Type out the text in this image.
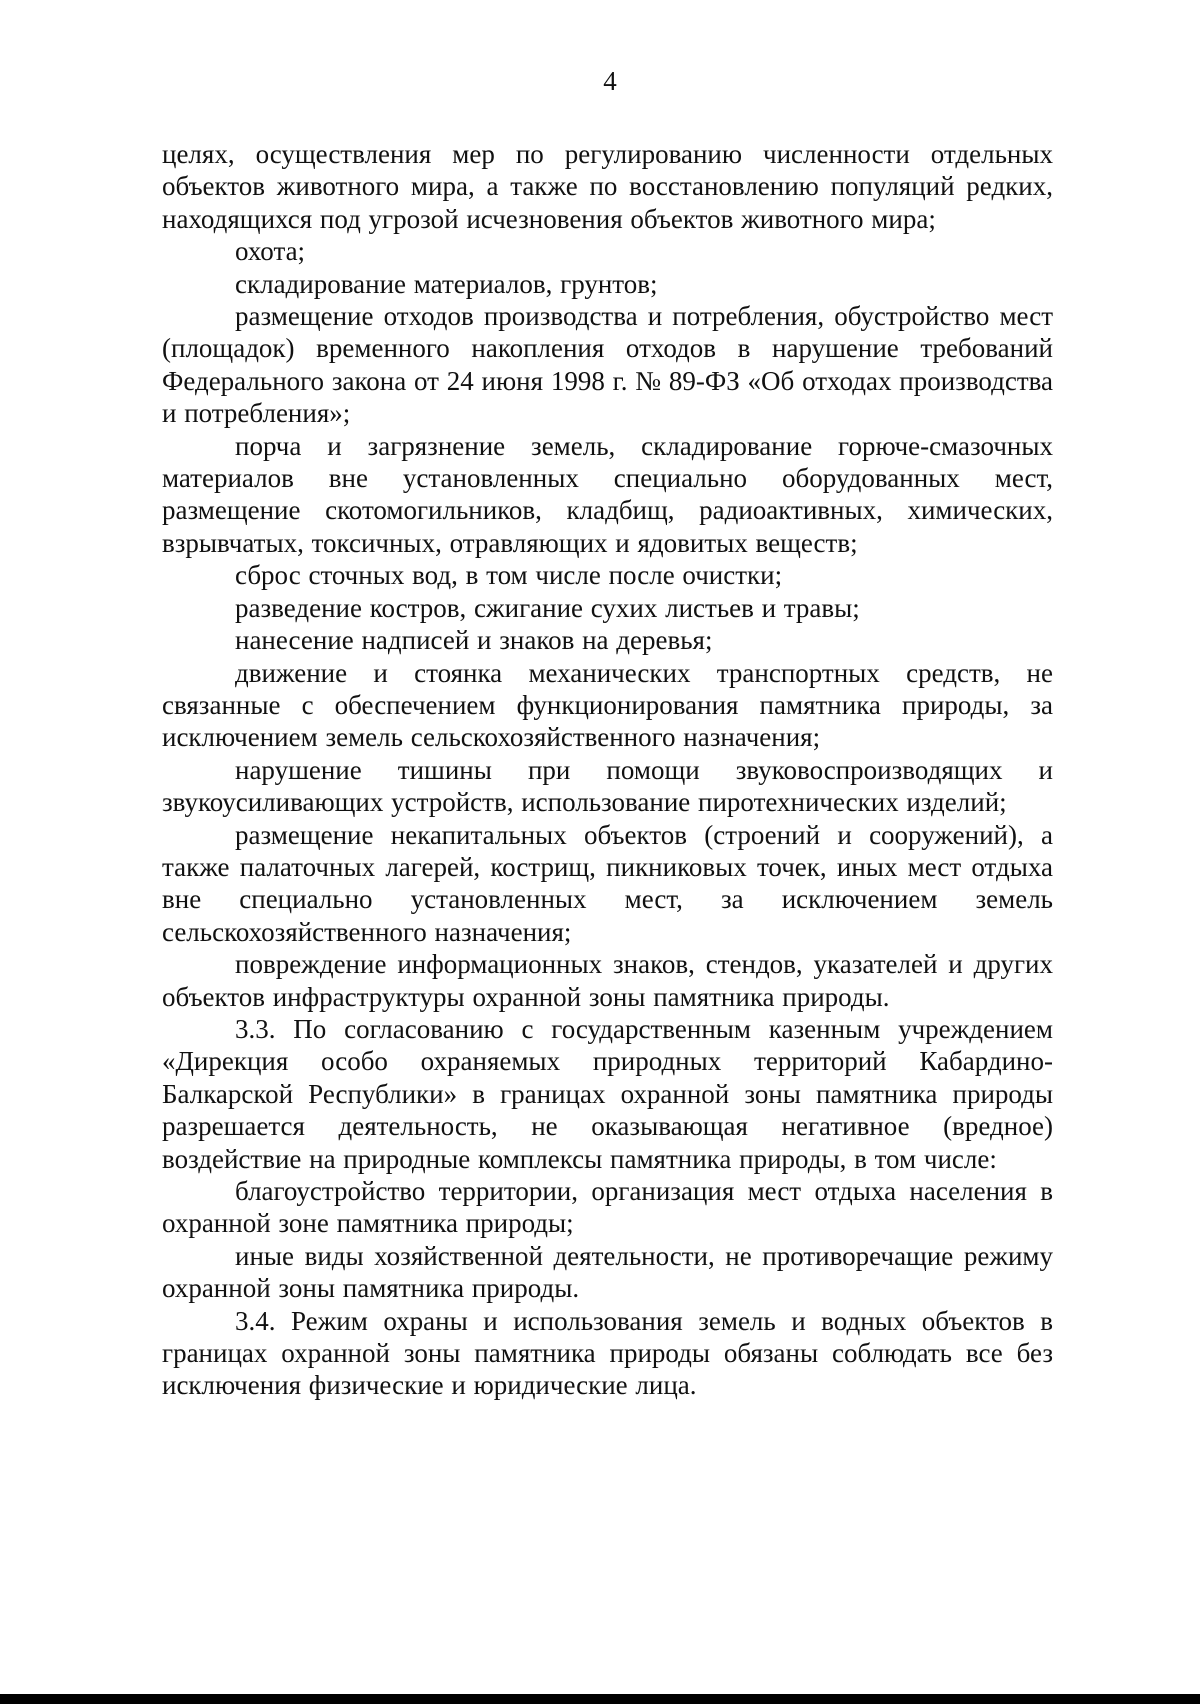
4

целях, осуществления мер по регулированию численности отдельных объектов животного мира, а также по восстановлению популяций редких, находящихся под угрозой исчезновения объектов животного мира;

охота;

складирование материалов, грунтов;

размещение отходов производства и потребления, обустройство мест (площадок) временного накопления отходов в нарушение требований Федерального закона от 24 июня 1998 г. № 89-ФЗ «Об отходах производства и потребления»;

порча и загрязнение земель, складирование горюче-смазочных материалов вне установленных специально оборудованных мест, размещение скотомогильников, кладбищ, радиоактивных, химических, взрывчатых, токсичных, отравляющих и ядовитых веществ;

сброс сточных вод, в том числе после очистки;

разведение костров, сжигание сухих листьев и травы;

нанесение надписей и знаков на деревья;

движение и стоянка механических транспортных средств, не связанные с обеспечением функционирования памятника природы, за исключением земель сельскохозяйственного назначения;

нарушение тишины при помощи звуковоспроизводящих и звукоусиливающих устройств, использование пиротехнических изделий;

размещение некапитальных объектов (строений и сооружений), а также палаточных лагерей, кострищ, пикниковых точек, иных мест отдыха вне специально установленных мест, за исключением земель сельскохозяйственного назначения;

повреждение информационных знаков, стендов, указателей и других объектов инфраструктуры охранной зоны памятника природы.

3.3. По согласованию с государственным казенным учреждением «Дирекция особо охраняемых природных территорий Кабардино-Балкарской Республики» в границах охранной зоны памятника природы разрешается деятельность, не оказывающая негативное (вредное) воздействие на природные комплексы памятника природы, в том числе:

благоустройство территории, организация мест отдыха населения в охранной зоне памятника природы;

иные виды хозяйственной деятельности, не противоречащие режиму охранной зоны памятника природы.

3.4. Режим охраны и использования земель и водных объектов в границах охранной зоны памятника природы обязаны соблюдать все без исключения физические и юридические лица.
